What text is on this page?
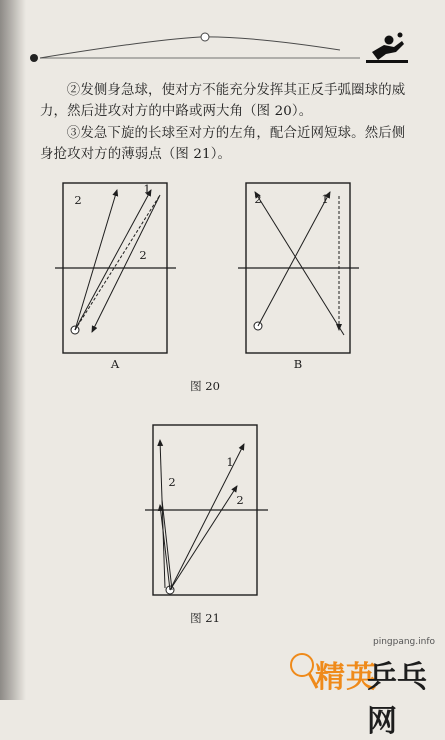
②发侧身急球，使对方不能充分发挥其正反手弧圈球的威力，然后进攻对方的中路或两大角（图 20）。

③发急下旋的长球至对方的左角，配合近网短球。然后侧身抢攻对方的薄弱点（图 21）。

2
1
2
2	1
A	B
图 20
1
2
2
图 21
pingpang.info
精英
乒乓网
